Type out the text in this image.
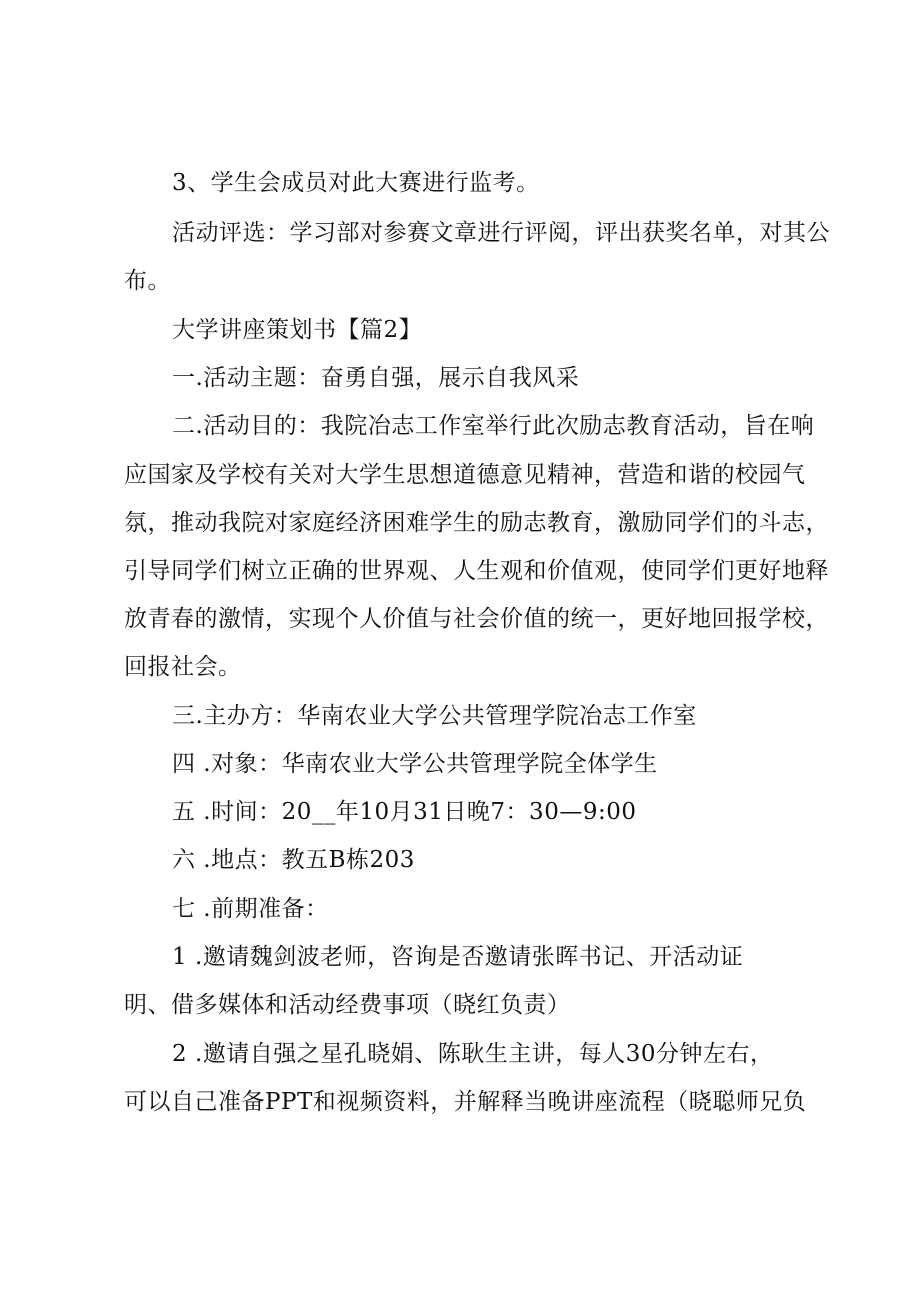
3、学生会成员对此大赛进行监考。

活动评选：学习部对参赛文章进行评阅，评出获奖名单，对其公

布。

大学讲座策划书【篇2】

一.活动主题：奋勇自强，展示自我风采

二.活动目的：我院冶志工作室举行此次励志教育活动，旨在响

应国家及学校有关对大学生思想道德意见精神，营造和谐的校园气

氛，推动我院对家庭经济困难学生的励志教育，激励同学们的斗志，

引导同学们树立正确的世界观、人生观和价值观，使同学们更好地释

放青春的激情，实现个人价值与社会价值的统一，更好地回报学校，

回报社会。

三.主办方：华南农业大学公共管理学院冶志工作室

四 .对象：华南农业大学公共管理学院全体学生

五 .时间：20__年10月31日晚7：30—9:00

六 .地点：教五B栋203

七 .前期准备：

1 .邀请魏剑波老师，咨询是否邀请张晖书记、开活动证

明、借多媒体和活动经费事项（晓红负责）

2 .邀请自强之星孔晓娟、陈耿生主讲，每人30分钟左右，

可以自己准备PPT和视频资料，并解释当晚讲座流程（晓聪师兄负
